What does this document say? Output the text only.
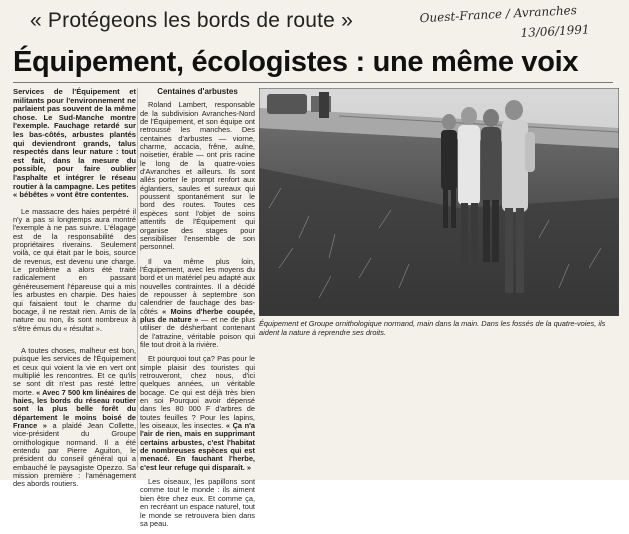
« Protégeons les bords de route »	Ouest-France / Avranches
13/06/1991
Équipement, écologistes : une même voix

Services de l'Équipement et militants pour l'environnement ne parlaient pas souvent de la même chose. Le Sud-Manche montre l'exemple. Fauchage retardé sur les bas-côtés, arbustes plantés qui deviendront grands, talus respectés dans leur nature : tout est fait, dans la mesure du possible, pour faire oublier l'asphalte et intégrer le réseau routier à la campagne. Les petites « bébêtes » vont être contentes.

Le massacre des haies perpétré il n'y a pas si longtemps aura montré l'exemple à ne pas suivre. L'élagage est de la responsabilité des propriétaires riverains. Seulement voilà, ce qui était par le bois, source de revenus, est devenu une charge. Le problème a alors été traité radicalement en passant généreusement l'épareuse qui a mis les arbustes en charpie. Des haies qui faisaient tout le charme du bocage, il ne restait rien. Amis de la nature ou non, ils sont nombreux à s'être émus du « résultat ».

A toutes choses, malheur est bon, puisque les services de l'Équipement et ceux qui voient la vie en vert ont multiplié les rencontres. Et ce qu'ils se sont dit n'est pas resté lettre morte. « Avec 7 500 km linéaires de haies, les bords du réseau routier sont la plus belle forêt du département le moins boisé de France » a plaidé Jean Collette, vice-président du Groupe ornithologique normand. Il a été entendu par Pierre Aguiton, le président du conseil général qui a embauché le paysagiste Opezzo. Sa mission première : l'aménagement des abords routiers.

Centaines d'arbustes

Roland Lambert, responsable de la subdivision Avranches-Nord de l'Équipement, et son équipe ont retroussé les manches. Des centaines d'arbustes — viorne, charme, accacia, frêne, aulne, noisetier, érable — ont pris racine le long de la quatre-voies d'Avranches et ailleurs. Ils sont allés porter le prompt renfort aux églantiers, saules et sureaux qui poussent spontanément sur le bord des routes. Toutes ces espèces sont l'objet de soins attentifs de l'Équipement qui organise des stages pour sensibiliser l'ensemble de son personnel.

Il va même plus loin, l'Équipement, avec les moyens du bord et un matériel peu adapté aux nouvelles contraintes. Il a décidé de repousser à septembre son calendrier de fauchage des bas-côtés « Moins d'herbe coupée, plus de nature » — et ne de plus utiliser de désherbant contenant de l'atrazine, véritable poison qui file tout droit à la rivière.

Et pourquoi tout ça? Pas pour le simple plaisir des touristes qui retrouveront, chez nous, d'ici quelques années, un véritable bocage. Ce qui est déjà très bien en soi Pourquoi avoir dépensé dans les 80 000 F d'arbres de toutes feuilles ? Pour les lapins, les oiseaux, les insectes. « Ça n'a l'air de rien, mais en supprimant certains arbustes, c'est l'habitat de nombreuses espèces qui est menacé. En fauchant l'herbe, c'est leur refuge qui disparaît. »

Les oiseaux, les papillons sont comme tout le monde : ils aiment bien être chez eux. Et comme ça, en recréant un espace naturel, tout le monde se retrouvera bien dans sa peau.

Équipement et Groupe ornithologique normand, main dans la main. Dans les fossés de la quatre-voies, ils aident la nature à reprendre ses droits.
